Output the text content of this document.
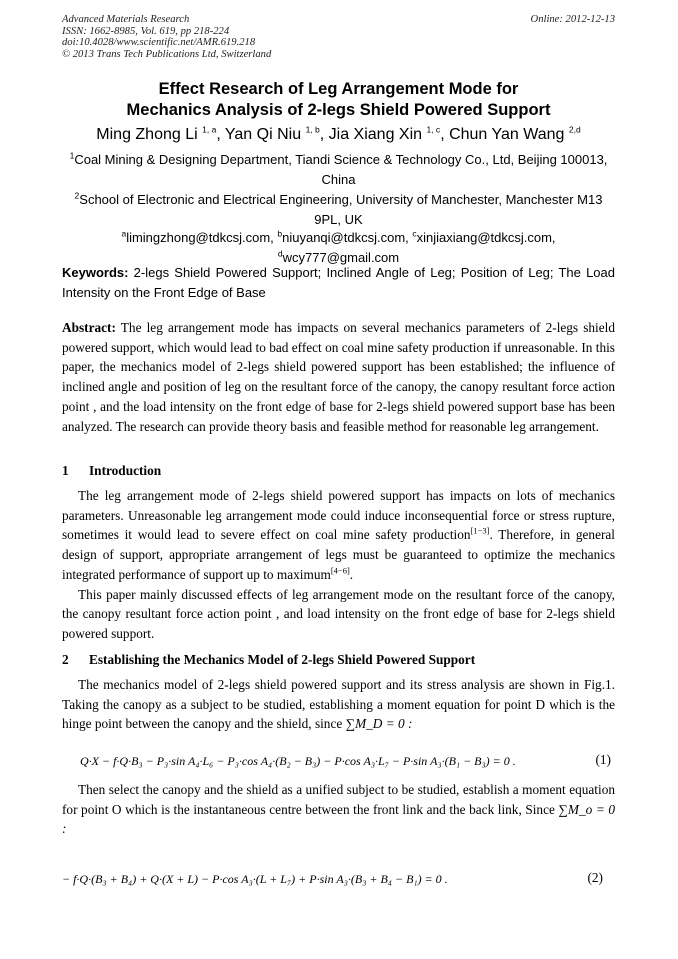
Advanced Materials Research
ISSN: 1662-8985, Vol. 619, pp 218-224
doi:10.4028/www.scientific.net/AMR.619.218
© 2013 Trans Tech Publications Ltd, Switzerland
Online: 2012-12-13
Effect Research of Leg Arrangement Mode for
Mechanics Analysis of 2-legs Shield Powered Support
Ming Zhong Li $^{1, a}$, Yan Qi Niu $^{1, b}$, Jia Xiang Xin $^{1, c}$, Chun Yan Wang $^{2,d}$
$^1$Coal Mining & Designing Department, Tiandi Science & Technology Co., Ltd, Beijing 100013, China
$^2$School of Electronic and Electrical Engineering, University of Manchester, Manchester M13 9PL, UK
$^a$limingzhong@tdkcsj.com, $^b$niuyanqi@tdkcsj.com, $^c$xinjiaxiang@tdkcsj.com, $^d$wcy777@gmail.com
Keywords: 2-legs Shield Powered Support; Inclined Angle of Leg; Position of Leg; The Load Intensity on the Front Edge of Base

Abstract: The leg arrangement mode has impacts on several mechanics parameters of 2-legs shield powered support, which would lead to bad effect on coal mine safety production if unreasonable. In this paper, the mechanics model of 2-legs shield powered support has been established; the influence of inclined angle and position of leg on the resultant force of the canopy, the canopy resultant force action point , and the load intensity on the front edge of base for 2-legs shield powered support base has been analyzed. The research can provide theory basis and feasible method for reasonable leg arrangement.

1 Introduction

The leg arrangement mode of 2-legs shield powered support has impacts on lots of mechanics parameters. Unreasonable leg arrangement mode could induce inconsequential force or stress rupture, sometimes it would lead to severe effect on coal mine safety production[1−3]. Therefore, in general design of support, appropriate arrangement of legs must be guaranteed to optimize the mechanics integrated performance of support up to maximum[4−6].

This paper mainly discussed effects of leg arrangement mode on the resultant force of the canopy, the canopy resultant force action point , and load intensity on the front edge of base for 2-legs shield powered support.

2 Establishing the Mechanics Model of 2-legs Shield Powered Support

The mechanics model of 2-legs shield powered support and its stress analysis are shown in Fig.1. Taking the canopy as a subject to be studied, establishing a moment equation for point D which is the hinge point between the canopy and the shield, since ∑M_D = 0 :

Q·X − f·Q·B₃ − P₃·sin A₄·L₆ − P₃·cos A₄·(B₂ − B₃) − P·cos A₃·L₇ − P·sin A₃·(B₁ − B₃) = 0 .	(1)

Then select the canopy and the shield as a unified subject to be studied, establish a moment equation for point O which is the instantaneous centre between the front link and the back link, Since ∑M_o = 0 :

− f·Q·(B₃ + B₄) + Q·(X + L) − P·cos A₃·(L + L₇) + P·sin A₃·(B₃ + B₄ − B₁) = 0 .	(2)
